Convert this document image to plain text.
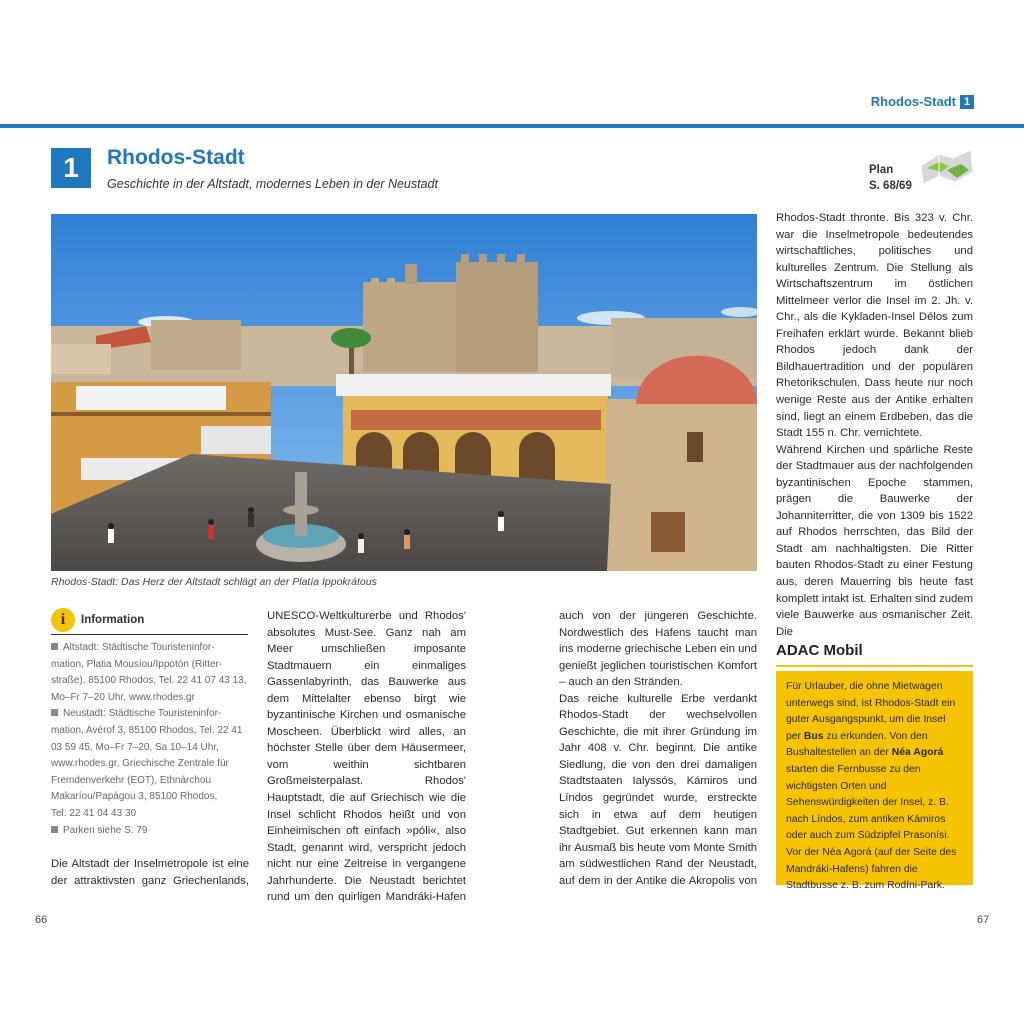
Rhodos-Stadt 1
1	Rhodos-Stadt
Geschichte in der Altstadt, modernes Leben in der Neustadt
Plan
S. 68/69
Rhodos-Stadt: Das Herz der Altstadt schlägt an der Platía Ippokrátous
i	Information
Altstadt: Städtische Touristeninfor-
mation, Platia Mousíou/Ippotón (Ritter-
straße), 85100 Rhodos, Tel. 22 41 07 43 13,
Mo–Fr 7–20 Uhr, www.rhodes.gr
Neustadt: Städtische Touristeninfor-
mation, Avérof 3, 85100 Rhodos, Tel. 22 41
03 59 45, Mo–Fr 7–20, Sa 10–14 Uhr,
www.rhodes.gr, Griechische Zentrale für
Fremdenverkehr (EOT), Ethnárchou
Makaríou/Papágou 3, 85100 Rhodos,
Tel. 22 41 04 43 30
Parken siehe S. 79

Die Altstadt der Inselmetropole ist eine der attraktivsten ganz Griechenlands,

UNESCO-Weltkulturerbe und Rhodos' absolutes Must-See. Ganz nah am Meer umschließen imposante Stadtmauern ein einmaliges Gassenlabyrinth, das Bauwerke aus dem Mittelalter ebenso birgt wie byzantinische Kirchen und osmanische Moscheen. Überblickt wird alles, an höchster Stelle über dem Häusermeer, vom weithin sichtbaren Großmeisterpalast. Rhodos' Hauptstadt, die auf Griechisch wie die Insel schlicht Rhodos heißt und von Einheimischen oft einfach »póli«, also Stadt, genannt wird, verspricht jedoch nicht nur eine Zeitreise in vergangene Jahrhunderte. Die Neustadt berichtet rund um den quirligen Mandráki-Hafen

auch von der jüngeren Geschichte. Nordwestlich des Hafens taucht man ins moderne griechische Leben ein und genießt jeglichen touristischen Komfort – auch an den Stränden.

Das reiche kulturelle Erbe verdankt Rhodos-Stadt der wechselvollen Geschichte, die mit ihrer Gründung im Jahr 408 v. Chr. beginnt. Die antike Siedlung, die von den drei damaligen Stadtstaaten Ialyssós, Kámiros und Líndos gegründet wurde, erstreckte sich in etwa auf dem heutigen Stadtgebiet. Gut erkennen kann man ihr Ausmaß bis heute vom Monte Smith am südwestlichen Rand der Neustadt, auf dem in der Antike die Akropolis von

Rhodos-Stadt thronte. Bis 323 v. Chr. war die Inselmetropole bedeutendes wirtschaftliches, politisches und kulturelles Zentrum. Die Stellung als Wirtschaftszentrum im östlichen Mittelmeer verlor die Insel im 2. Jh. v. Chr., als die Kykladen-Insel Délos zum Freihafen erklärt wurde. Bekannt blieb Rhodos jedoch dank der Bildhauertradition und der populären Rhetorikschulen. Dass heute nur noch wenige Reste aus der Antike erhalten sind, liegt an einem Erdbeben, das die Stadt 155 n. Chr. vernichtete.

Während Kirchen und spärliche Reste der Stadtmauer aus der nachfolgenden byzantinischen Epoche stammen, prägen die Bauwerke der Johanniterritter, die von 1309 bis 1522 auf Rhodos herrschten, das Bild der Stadt am nachhaltigsten. Die Ritter bauten Rhodos-Stadt zu einer Festung aus, deren Mauerring bis heute fast komplett intakt ist. Erhalten sind zudem viele Bauwerke aus osmanischer Zeit. Die

ADAC Mobil
Für Urlauber, die ohne Mietwagen unterwegs sind, ist Rhodos-Stadt ein guter Ausgangspunkt, um die Insel per Bus zu erkunden. Von den Bushaltestellen an der Néa Agorá starten die Fernbusse zu den wichtigsten Orten und Sehenswürdigkeiten der Insel, z. B. nach Líndos, zum antiken Kámiros oder auch zum Südzipfel Prasonísi. Vor der Néa Agorá (auf der Seite des Mandráki-Hafens) fahren die Stadtbusse z. B. zum Rodíni-Park.
66	67
